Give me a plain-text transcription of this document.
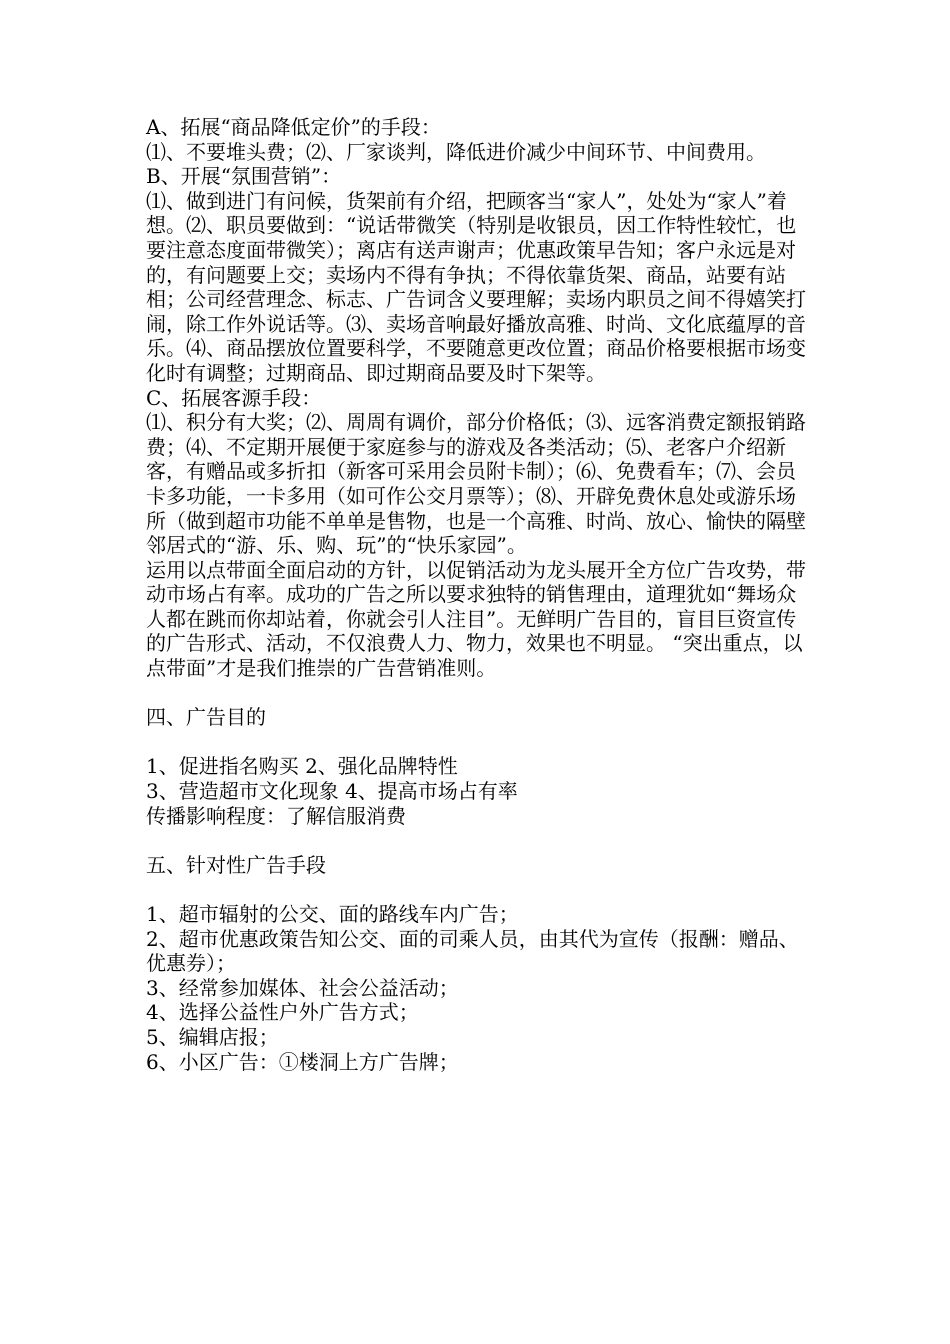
A、拓展“商品降低定价”的手段：

⑴、不要堆头费；⑵、厂家谈判，降低进价减少中间环节、中间费用。

B、开展“氛围营销”：

⑴、做到进门有问候，货架前有介绍，把顾客当“家人”，处处为“家人”着想。⑵、职员要做到：“说话带微笑（特别是收银员，因工作特性较忙，也要注意态度面带微笑）；离店有送声谢声；优惠政策早告知；客户永远是对的，有问题要上交；卖场内不得有争执；不得依靠货架、商品，站要有站相；公司经营理念、标志、广告词含义要理解；卖场内职员之间不得嬉笑打闹，除工作外说话等。⑶、卖场音响最好播放高雅、时尚、文化底蕴厚的音乐。⑷、商品摆放位置要科学，不要随意更改位置；商品价格要根据市场变化时有调整；过期商品、即过期商品要及时下架等。

C、拓展客源手段：

⑴、积分有大奖；⑵、周周有调价，部分价格低；⑶、远客消费定额报销路费；⑷、不定期开展便于家庭参与的游戏及各类活动；⑸、老客户介绍新客，有赠品或多折扣（新客可采用会员附卡制）；⑹、免费看车；⑺、会员卡多功能，一卡多用（如可作公交月票等）；⑻、开辟免费休息处或游乐场所（做到超市功能不单单是售物，也是一个高雅、时尚、放心、愉快的隔壁邻居式的“游、乐、购、玩”的“快乐家园”。

运用以点带面全面启动的方针，以促销活动为龙头展开全方位广告攻势，带动市场占有率。成功的广告之所以要求独特的销售理由，道理犹如“舞场众人都在跳而你却站着，你就会引人注目”。无鲜明广告目的，盲目巨资宣传的广告形式、活动，不仅浪费人力、物力，效果也不明显。 “突出重点，以点带面”才是我们推崇的广告营销准则。

四、广告目的

1、促进指名购买 2、强化品牌特性

3、营造超市文化现象 4、提高市场占有率

传播影响程度：了解信服消费

五、针对性广告手段

1、超市辐射的公交、面的路线车内广告；

2、超市优惠政策告知公交、面的司乘人员，由其代为宣传（报酬：赠品、优惠券）；

3、经常参加媒体、社会公益活动；

4、选择公益性户外广告方式；

5、编辑店报；

6、小区广告：①楼洞上方广告牌；
